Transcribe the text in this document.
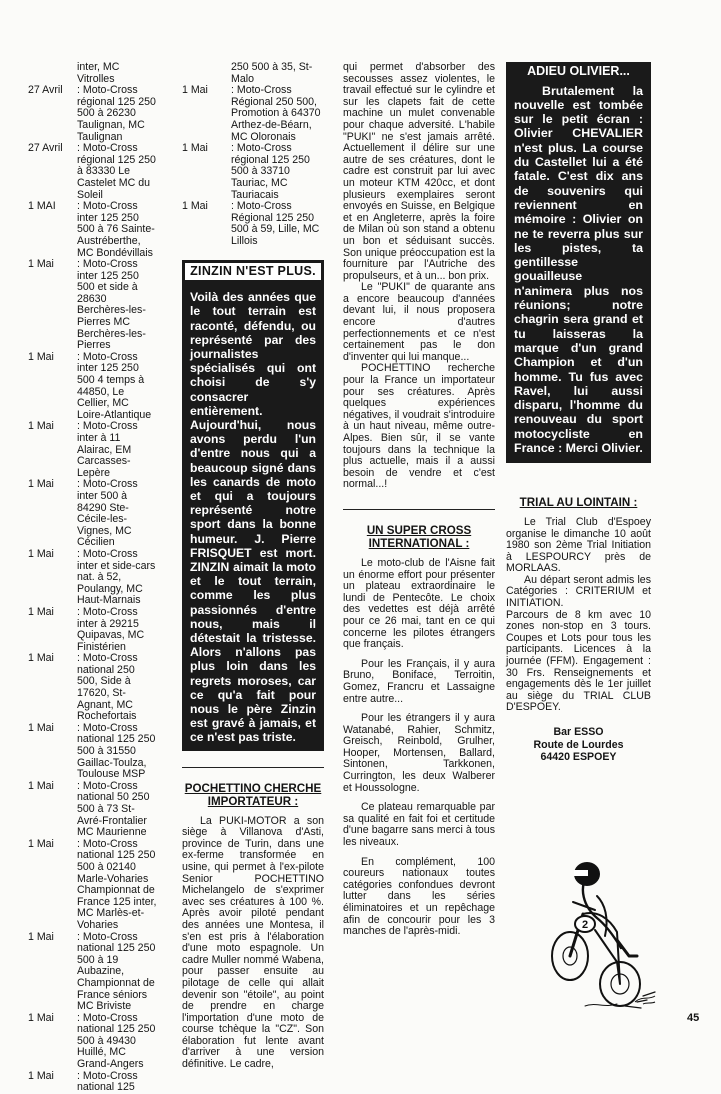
inter, MC Vitrolles
27 Avril	: Moto-Cross régional 125 250 500 à 26230 Taulignan, MC Taulignan
27 Avril	: Moto-Cross régional 125 250 à 83330 Le Castelet MC du Soleil
1 MAI	: Moto-Cross inter 125 250 500 à 76 Sainte-Austréberthe, MC Bondévillais
1 Mai	: Moto-Cross inter 125 250 500 et side à 28630 Berchères-les-Pierres MC Berchères-les-Pierres
1 Mai	: Moto-Cross inter 125 250 500 4 temps à 44850, Le Cellier, MC Loire-Atlantique
1 Mai	: Moto-Cross inter à 11 Alairac, EM Carcasses-Lepère
1 Mai	: Moto-Cross inter 500 à 84290 Ste-Cécile-les-Vignes, MC Cécilien
1 Mai	: Moto-Cross inter et side-cars nat. à 52, Poulangy, MC Haut-Marnais
1 Mai	: Moto-Cross inter à 29215 Quipavas, MC Finistérien
1 Mai	: Moto-Cross national 250 500, Side à 17620, St-Agnant, MC Rochefortais
1 Mai	: Moto-Cross national 125 250 500 à 31550 Gaillac-Toulza, Toulouse MSP
1 Mai	: Moto-Cross national 50 250 500 à 73 St-Avré-Frontalier MC Maurienne
1 Mai	: Moto-Cross national 125 250 500 à 02140 Marle-Voharies Championnat de France 125 inter, MC Marlès-et-Voharies
1 Mai	: Moto-Cross national 125 250 500 à 19 Aubazine, Championnat de France séniors MC Briviste
1 Mai	: Moto-Cross national 125 250 500 à 49430 Huillé, MC Grand-Angers
1 Mai	: Moto-Cross national 125
250 500 à 35, St-Malo
1 Mai	: Moto-Cross Régional 250 500, Promotion à 64370 Arthez-de-Béarn, MC Oloronais
1 Mai	: Moto-Cross régional 125 250 500 à 33710 Tauriac, MC Tauriacais
1 Mai	: Moto-Cross Régional 125 250 500 à 59, Lille, MC Lillois
ZINZIN N'EST PLUS.
Voilà des années que le tout terrain est raconté, défendu, ou représenté par des journalistes spécialisés qui ont choisi de s'y consacrer entièrement. Aujourd'hui, nous avons perdu l'un d'entre nous qui a beaucoup signé dans les canards de moto et qui a toujours représenté notre sport dans la bonne humeur. J. Pierre FRISQUET est mort. ZINZIN aimait la moto et le tout terrain, comme les plus passionnés d'entre nous, mais il détestait la tristesse. Alors n'allons pas plus loin dans les regrets moroses, car ce qu'a fait pour nous le père Zinzin est gravé à jamais, et ce n'est pas triste.
POCHETTINO CHERCHE IMPORTATEUR :
La PUKI-MOTOR a son siège à Villanova d'Asti, province de Turin, dans une ex-ferme transformée en usine, qui permet à l'ex-pilote Senior POCHETTINO Michelangelo de s'exprimer avec ses créatures à 100 %. Après avoir piloté pendant des années une Montesa, il s'en est pris à l'élaboration d'une moto espagnole. Un cadre Muller nommé Wabena, pour passer ensuite au pilotage de celle qui allait devenir son "étoile", au point de prendre en charge l'importation d'une moto de course tchèque la "CZ". Son élaboration fut lente avant d'arriver à une version définitive. Le cadre,
qui permet d'absorber des secousses assez violentes, le travail effectué sur le cylindre et sur les clapets fait de cette machine un mulet convenable pour chaque adversité. L'habile "PUKI" ne s'est jamais arrêté. Actuellement il délire sur une autre de ses créatures, dont le cadre est construit par lui avec un moteur KTM 420cc, et dont plusieurs exemplaires seront envoyés en Suisse, en Belgique et en Angleterre, après la foire de Milan où son stand a obtenu un bon et séduisant succès. Son unique préoccupation est la fourniture par l'Autriche des propulseurs, et à un... bon prix.
Le "PUKI" de quarante ans a encore beaucoup d'années devant lui, il nous proposera encore d'autres perfectionnements et ce n'est certainement pas le don d'inventer qui lui manque...
POCHETTINO recherche pour la France un importateur pour ses créatures. Après quelques expériences négatives, il voudrait s'introduire à un haut niveau, même outre-Alpes. Bien sûr, il se vante toujours dans la technique la plus actuelle, mais il a aussi besoin de vendre et c'est normal...!
UN SUPER CROSS INTERNATIONAL :
Le moto-club de l'Aisne fait un énorme effort pour présenter un plateau extraordinaire le lundi de Pentecôte. Le choix des vedettes est déjà arrêté pour ce 26 mai, tant en ce qui concerne les pilotes étrangers que français.
Pour les Français, il y aura Bruno, Boniface, Terroitin, Gomez, Francru et Lassaigne entre autre...
Pour les étrangers il y aura Watanabé, Rahier, Schmitz, Greisch, Reinbold, Grulher, Hooper, Mortensen, Ballard, Sintonen, Tarkkonen, Currington, les deux Walberer et Houssologne.
Ce plateau remarquable par sa qualité en fait foi et certitude d'une bagarre sans merci à tous les niveaux.
En complément, 100 coureurs nationaux toutes catégories confondues devront lutter dans les séries éliminatoires et un repêchage afin de concourir pour les 3 manches de l'après-midi.
ADIEU OLIVIER...
Brutalement la nouvelle est tombée sur le petit écran : Olivier CHEVALIER n'est plus. La course du Castellet lui a été fatale. C'est dix ans de souvenirs qui reviennent en mémoire : Olivier on ne te reverra plus sur les pistes, ta gentillesse gouailleuse n'animera plus nos réunions; notre chagrin sera grand et tu laisseras la marque d'un grand Champion et d'un homme. Tu fus avec Ravel, lui aussi disparu, l'homme du renouveau du sport motocycliste en France : Merci Olivier.
TRIAL AU LOINTAIN :
Le Trial Club d'Espoey organise le dimanche 10 août 1980 son 2ème Trial Initiation à LESPOURCY près de MORLAAS.
Au départ seront admis les Catégories : CRITERIUM et INITIATION.
Parcours de 8 km avec 10 zones non-stop en 3 tours. Coupes et Lots pour tous les participants. Licences à la journée (FFM). Engagement : 30 Frs. Renseignements et engagements dès le 1er juillet au siège du TRIAL CLUB D'ESPOEY.
Bar ESSO
Route de Lourdes
64420 ESPOEY
2
45
